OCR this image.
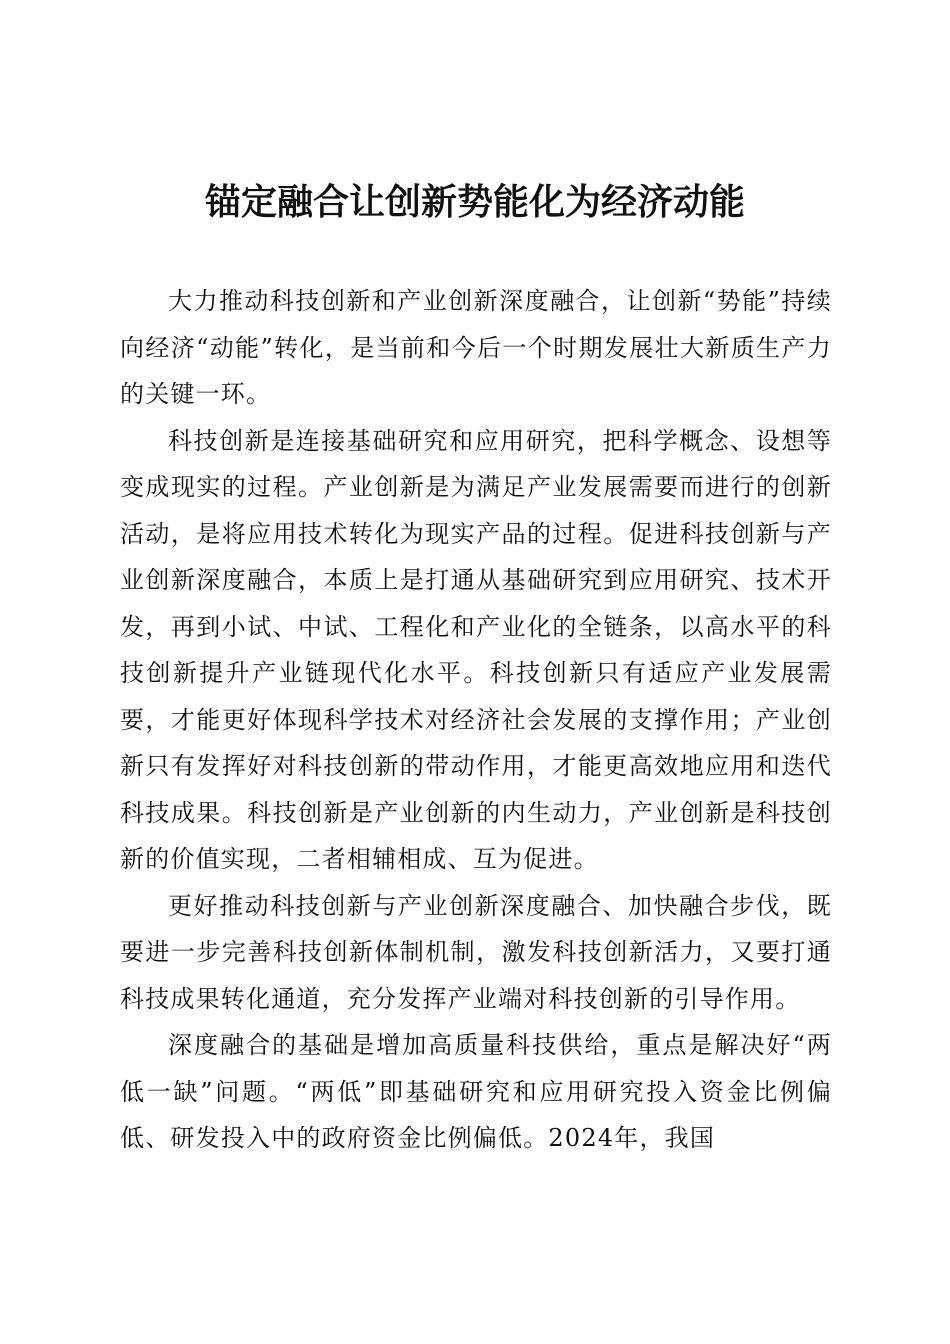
锚定融合让创新势能化为经济动能

大力推动科技创新和产业创新深度融合，让创新“势能”持续向经济“动能”转化，是当前和今后一个时期发展壮大新质生产力的关键一环。

科技创新是连接基础研究和应用研究，把科学概念、设想等变成现实的过程。产业创新是为满足产业发展需要而进行的创新活动，是将应用技术转化为现实产品的过程。促进科技创新与产业创新深度融合，本质上是打通从基础研究到应用研究、技术开发，再到小试、中试、工程化和产业化的全链条，以高水平的科技创新提升产业链现代化水平。科技创新只有适应产业发展需要，才能更好体现科学技术对经济社会发展的支撑作用；产业创新只有发挥好对科技创新的带动作用，才能更高效地应用和迭代科技成果。科技创新是产业创新的内生动力，产业创新是科技创新的价值实现，二者相辅相成、互为促进。

更好推动科技创新与产业创新深度融合、加快融合步伐，既要进一步完善科技创新体制机制，激发科技创新活力，又要打通科技成果转化通道，充分发挥产业端对科技创新的引导作用。

深度融合的基础是增加高质量科技供给，重点是解决好“两低一缺”问题。“两低”即基础研究和应用研究投入资金比例偏低、研发投入中的政府资金比例偏低。2024年，我国
